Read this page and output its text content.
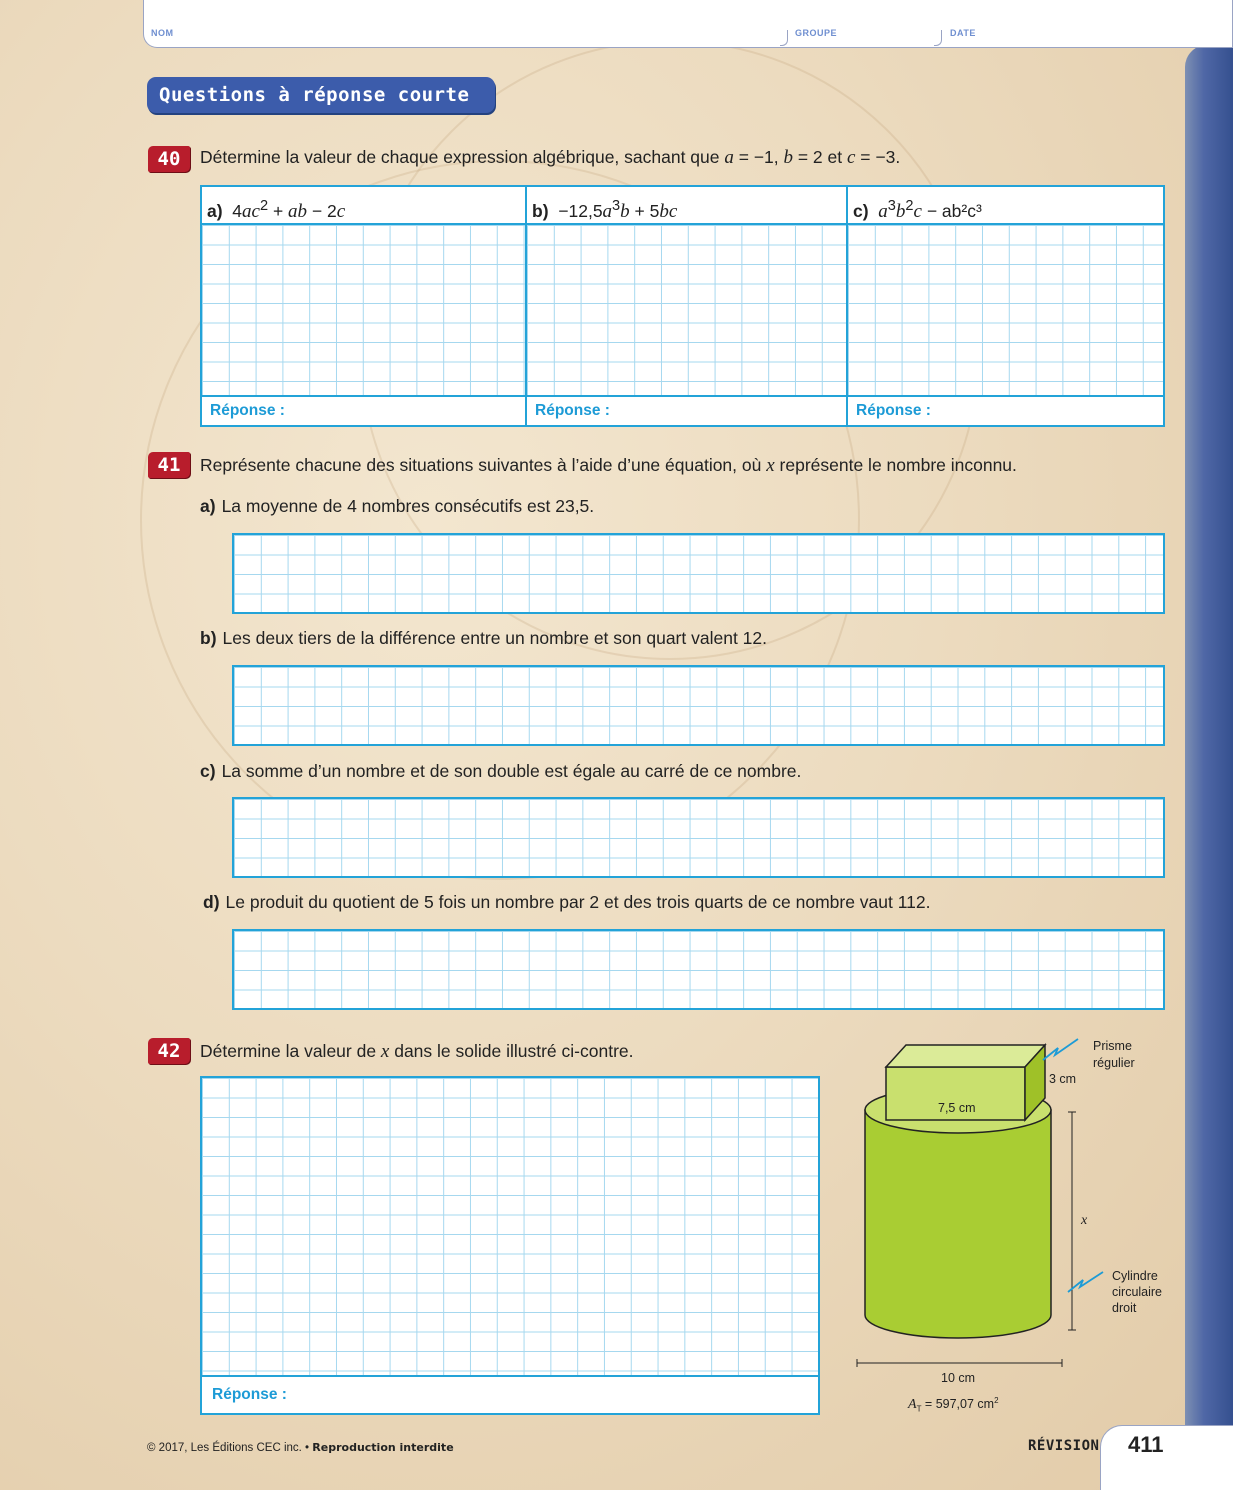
NOM	GROUPE	DATE
Questions à réponse courte
40	Détermine la valeur de chaque expression algébrique, sachant que a = −1, b = 2 et c = −3.
a) $4ac^2$ + ab − 2c
Réponse :
$b) -12,5a^3b + 5bc$
Réponse :
c) $a^3b^2c - ab^2c^3$
Réponse :
41	Représente chacune des situations suivantes à l’aide d’une équation, où x représente le nombre inconnu.
a) La moyenne de 4 nombres consécutifs est 23,5.
b) Les deux tiers de la différence entre un nombre et son quart valent 12.
c) La somme d’un nombre et de son double est égale au carré de ce nombre.
d) Le produit du quotient de 5 fois un nombre par 2 et des trois quarts de ce nombre vaut 112.
42	Détermine la valeur de x dans le solide illustré ci-contre.
Réponse :
Prisme
régulier
3 cm
7,5 cm
x
Cylindre
circulaire
droit
10 cm
$A_T = 597,07$ $cm^2$
© 2017, Les Éditions CEC inc. • Reproduction interdite	RÉVISION 411
